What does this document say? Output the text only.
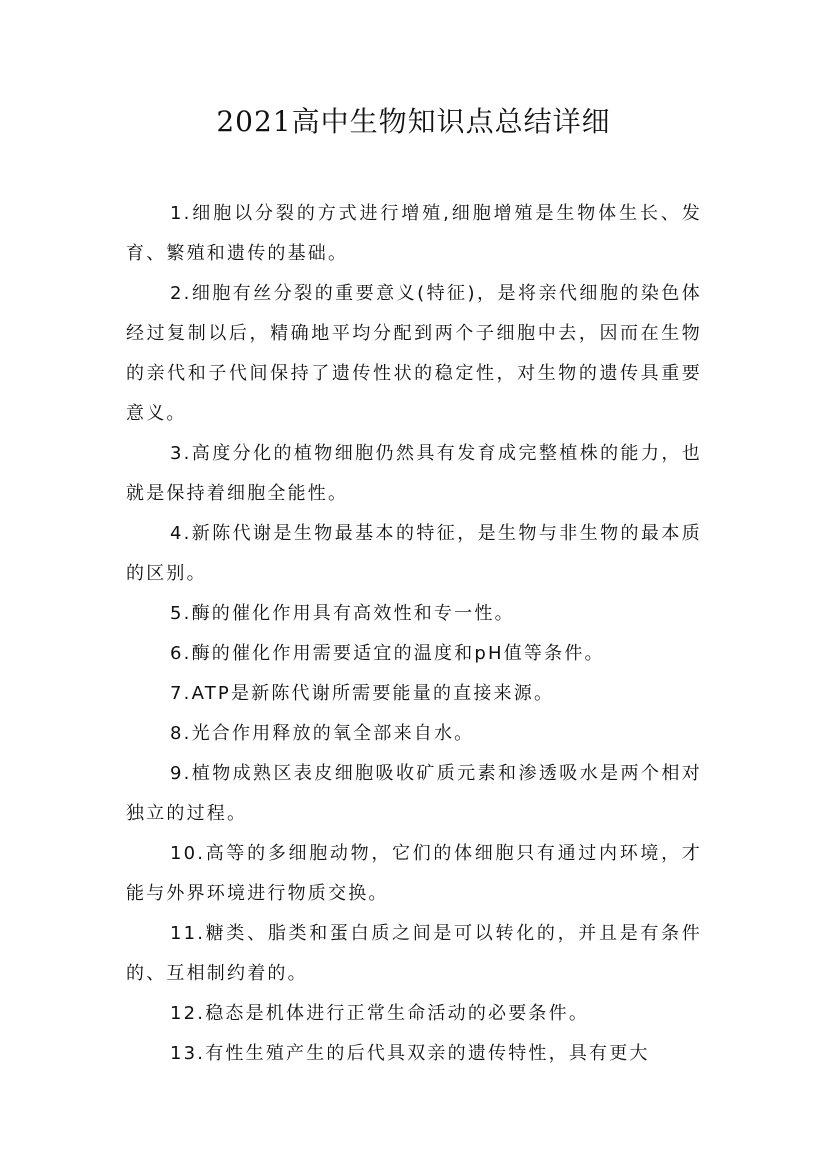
2021高中生物知识点总结详细

1.细胞以分裂的方式进行增殖,细胞增殖是生物体生长、发育、繁殖和遗传的基础。

2.细胞有丝分裂的重要意义(特征)，是将亲代细胞的染色体经过复制以后，精确地平均分配到两个子细胞中去，因而在生物的亲代和子代间保持了遗传性状的稳定性，对生物的遗传具重要意义。

3.高度分化的植物细胞仍然具有发育成完整植株的能力，也就是保持着细胞全能性。

4.新陈代谢是生物最基本的特征，是生物与非生物的最本质的区别。

5.酶的催化作用具有高效性和专一性。

6.酶的催化作用需要适宜的温度和pH值等条件。

7.ATP是新陈代谢所需要能量的直接来源。

8.光合作用释放的氧全部来自水。

9.植物成熟区表皮细胞吸收矿质元素和渗透吸水是两个相对独立的过程。

10.高等的多细胞动物，它们的体细胞只有通过内环境，才能与外界环境进行物质交换。

11.糖类、脂类和蛋白质之间是可以转化的，并且是有条件的、互相制约着的。

12.稳态是机体进行正常生命活动的必要条件。

13.有性生殖产生的后代具双亲的遗传特性，具有更大
